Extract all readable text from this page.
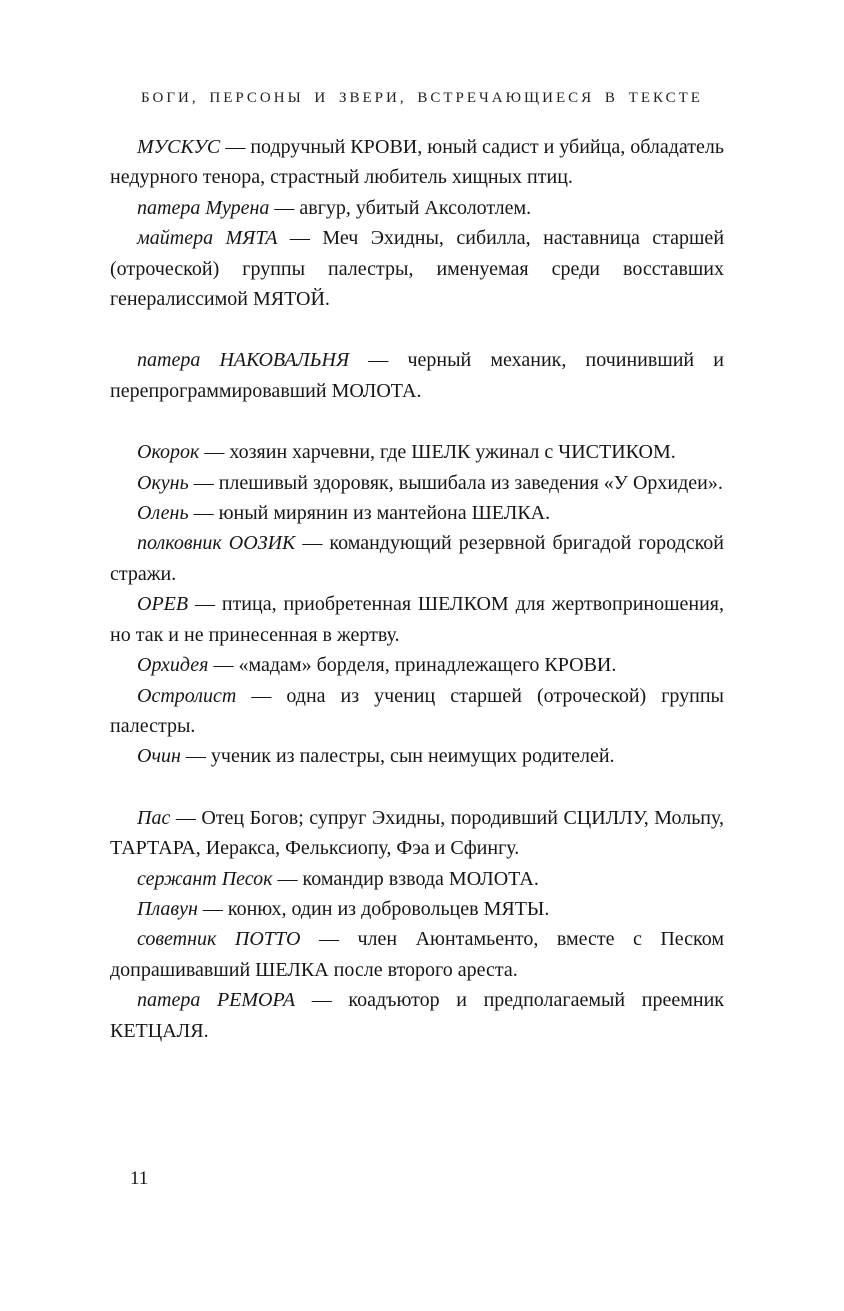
БОГИ, ПЕРСОНЫ И ЗВЕРИ, ВСТРЕЧАЮЩИЕСЯ В ТЕКСТЕ

МУСКУС — подручный КРОВИ, юный садист и убийца, обладатель недурного тенора, страстный любитель хищных птиц.

патера Мурена — авгур, убитый Аксолотлем.

майтера МЯТА — Меч Эхидны, сибилла, наставница старшей (отроческой) группы палестры, именуемая среди восставших генералиссимой МЯТОЙ.

патера НАКОВАЛЬНЯ — черный механик, починивший и перепрограммировавший МОЛОТА.

Окорок — хозяин харчевни, где ШЕЛК ужинал с ЧИСТИКОМ.

Окунь — плешивый здоровяк, вышибала из заведения «У Орхидеи».

Олень — юный мирянин из мантейона ШЕЛКА.

полковник ООЗИК — командующий резервной бригадой городской стражи.

ОРЕВ — птица, приобретенная ШЕЛКОМ для жертвоприношения, но так и не принесенная в жертву.

Орхидея — «мадам» борделя, принадлежащего КРОВИ.

Остролист — одна из учениц старшей (отроческой) группы палестры.

Очин — ученик из палестры, сын неимущих родителей.

Пас — Отец Богов; супруг Эхидны, породивший СЦИЛЛУ, Мольпу, ТАРТАРА, Иеракса, Фельксиопу, Фэа и Сфингу.

сержант Песок — командир взвода МОЛОТА.

Плавун — конюх, один из добровольцев МЯТЫ.

советник ПОТТО — член Аюнтамьенто, вместе с Песком допрашивавший ШЕЛКА после второго ареста.

патера РЕМОРА — коадъютор и предполагаемый преемник КЕТЦАЛЯ.

11
